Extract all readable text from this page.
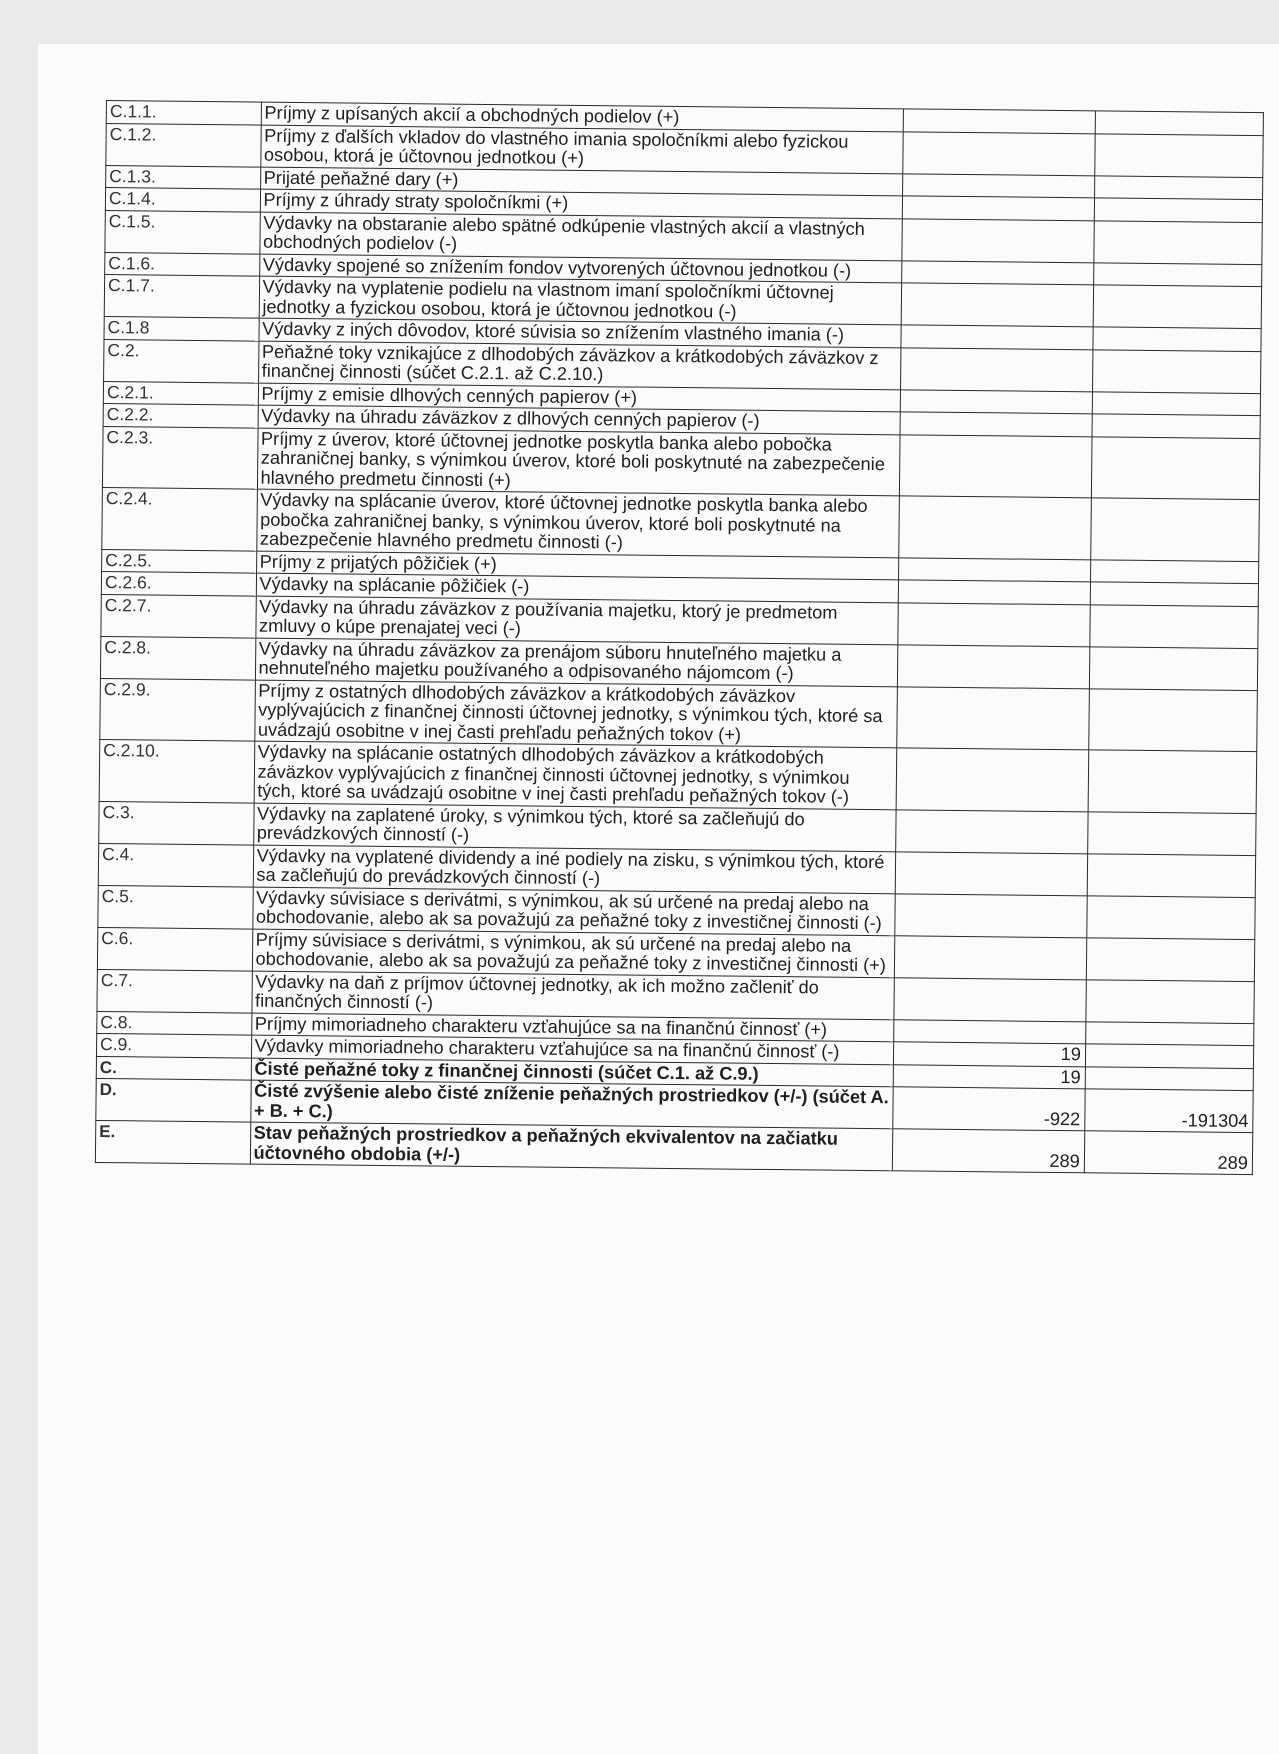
C.1.1.	Príjmy z upísaných akcií a obchodných podielov (+)		
C.1.2.	Príjmy z ďalších vkladov do vlastného imania spoločníkmi alebo fyzickou osobou, ktorá je účtovnou jednotkou (+)		
C.1.3.	Prijaté peňažné dary (+)		
C.1.4.	Príjmy z úhrady straty spoločníkmi (+)		
C.1.5.	Výdavky na obstaranie alebo spätné odkúpenie vlastných akcií a vlastných obchodných podielov (-)		
C.1.6.	Výdavky spojené so znížením fondov vytvorených účtovnou jednotkou (-)		
C.1.7.	Výdavky na vyplatenie podielu na vlastnom imaní spoločníkmi účtovnej jednotky a fyzickou osobou, ktorá je účtovnou jednotkou (-)		
C.1.8	Výdavky z iných dôvodov, ktoré súvisia so znížením vlastného imania (-)		
C.2.	Peňažné toky vznikajúce z dlhodobých záväzkov a krátkodobých záväzkov z finančnej činnosti (súčet C.2.1. až C.2.10.)		
C.2.1.	Príjmy z emisie dlhových cenných papierov (+)		
C.2.2.	Výdavky na úhradu záväzkov z dlhových cenných papierov (-)		
C.2.3.	Príjmy z úverov, ktoré účtovnej jednotke poskytla banka alebo pobočka zahraničnej banky, s výnimkou úverov, ktoré boli poskytnuté na zabezpečenie hlavného predmetu činnosti (+)		
C.2.4.	Výdavky na splácanie úverov, ktoré účtovnej jednotke poskytla banka alebo pobočka zahraničnej banky, s výnimkou úverov, ktoré boli poskytnuté na zabezpečenie hlavného predmetu činnosti (-)		
C.2.5.	Príjmy z prijatých pôžičiek (+)		
C.2.6.	Výdavky na splácanie pôžičiek (-)		
C.2.7.	Výdavky na úhradu záväzkov z používania majetku, ktorý je predmetom zmluvy o kúpe prenajatej veci (-)		
C.2.8.	Výdavky na úhradu záväzkov za prenájom súboru hnuteľného majetku a nehnuteľného majetku používaného a odpisovaného nájomcom (-)		
C.2.9.	Príjmy z ostatných dlhodobých záväzkov a krátkodobých záväzkov vyplývajúcich z finančnej činnosti účtovnej jednotky, s výnimkou tých, ktoré sa uvádzajú osobitne v inej časti prehľadu peňažných tokov (+)		
C.2.10.	Výdavky na splácanie ostatných dlhodobých záväzkov a krátkodobých záväzkov vyplývajúcich z finančnej činnosti účtovnej jednotky, s výnimkou tých, ktoré sa uvádzajú osobitne v inej časti prehľadu peňažných tokov (-)		
C.3.	Výdavky na zaplatené úroky, s výnimkou tých, ktoré sa začleňujú do prevádzkových činností (-)		
C.4.	Výdavky na vyplatené dividendy a iné podiely na zisku, s výnimkou tých, ktoré sa začleňujú do prevádzkových činností (-)		
C.5.	Výdavky súvisiace s derivátmi, s výnimkou, ak sú určené na predaj alebo na obchodovanie, alebo ak sa považujú za peňažné toky z investičnej činnosti (-)		
C.6.	Príjmy súvisiace s derivátmi, s výnimkou, ak sú určené na predaj alebo na obchodovanie, alebo ak sa považujú za peňažné toky z investičnej činnosti (+)		
C.7.	Výdavky na daň z príjmov účtovnej jednotky, ak ich možno začleniť do finančných činností (-)		
C.8.	Príjmy mimoriadneho charakteru vzťahujúce sa na finančnú činnosť (+)		
C.9.	Výdavky mimoriadneho charakteru vzťahujúce sa na finančnú činnosť (-)	19	
C.	Čisté peňažné toky z finančnej činnosti (súčet C.1. až C.9.)	19	
D.	Čisté zvýšenie alebo čisté zníženie peňažných prostriedkov (+/-) (súčet A. + B. + C.)	-922	-191304
E.	Stav peňažných prostriedkov a peňažných ekvivalentov na začiatku účtovného obdobia (+/-)	289	289
